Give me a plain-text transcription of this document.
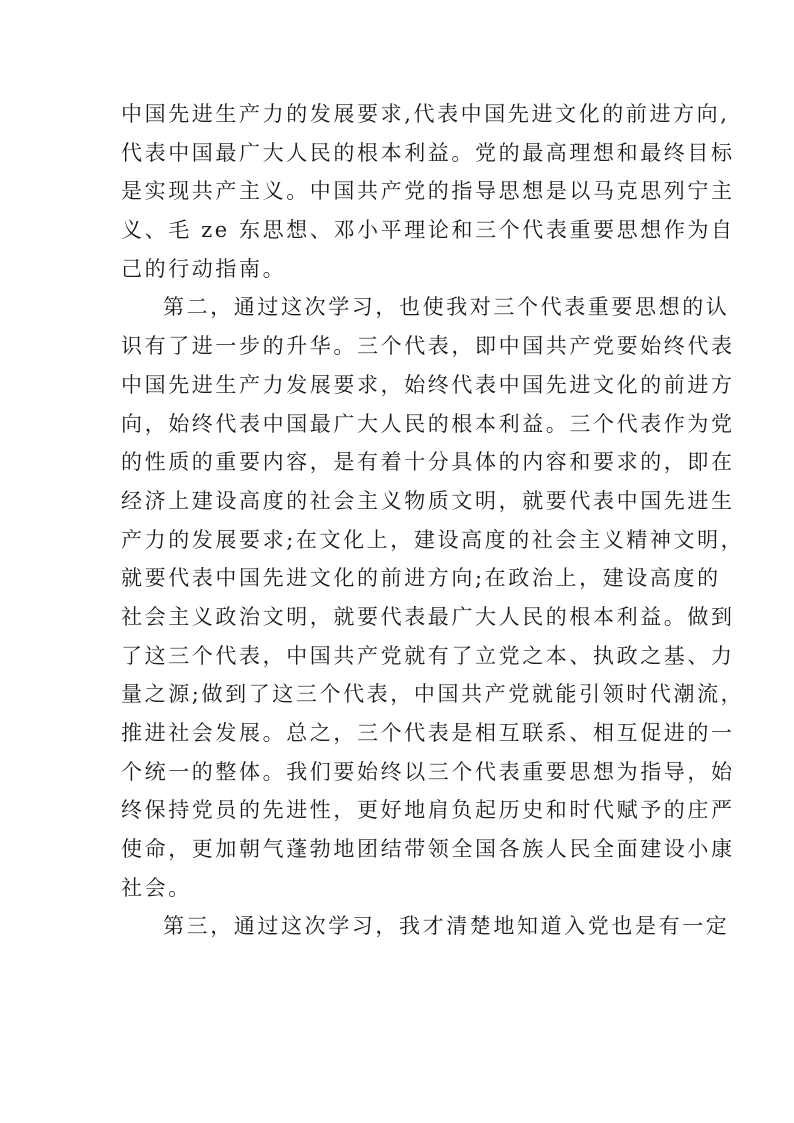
中国先进生产力的发展要求,代表中国先进文化的前进方向,
代表中国最广大人民的根本利益。党的最高理想和最终目标
是实现共产主义。中国共产党的指导思想是以马克思列宁主
义、毛 ze 东思想、邓小平理论和三个代表重要思想作为自
己的行动指南。
第二，通过这次学习，也使我对三个代表重要思想的认
识有了进一步的升华。三个代表，即中国共产党要始终代表
中国先进生产力发展要求，始终代表中国先进文化的前进方
向，始终代表中国最广大人民的根本利益。三个代表作为党
的性质的重要内容，是有着十分具体的内容和要求的，即在
经济上建设高度的社会主义物质文明，就要代表中国先进生
产力的发展要求;在文化上，建设高度的社会主义精神文明，
就要代表中国先进文化的前进方向;在政治上，建设高度的
社会主义政治文明，就要代表最广大人民的根本利益。做到
了这三个代表，中国共产党就有了立党之本、执政之基、力
量之源;做到了这三个代表，中国共产党就能引领时代潮流，
推进社会发展。总之，三个代表是相互联系、相互促进的一
个统一的整体。我们要始终以三个代表重要思想为指导，始
终保持党员的先进性，更好地肩负起历史和时代赋予的庄严
使命，更加朝气蓬勃地团结带领全国各族人民全面建设小康
社会。
第三，通过这次学习，我才清楚地知道入党也是有一定
